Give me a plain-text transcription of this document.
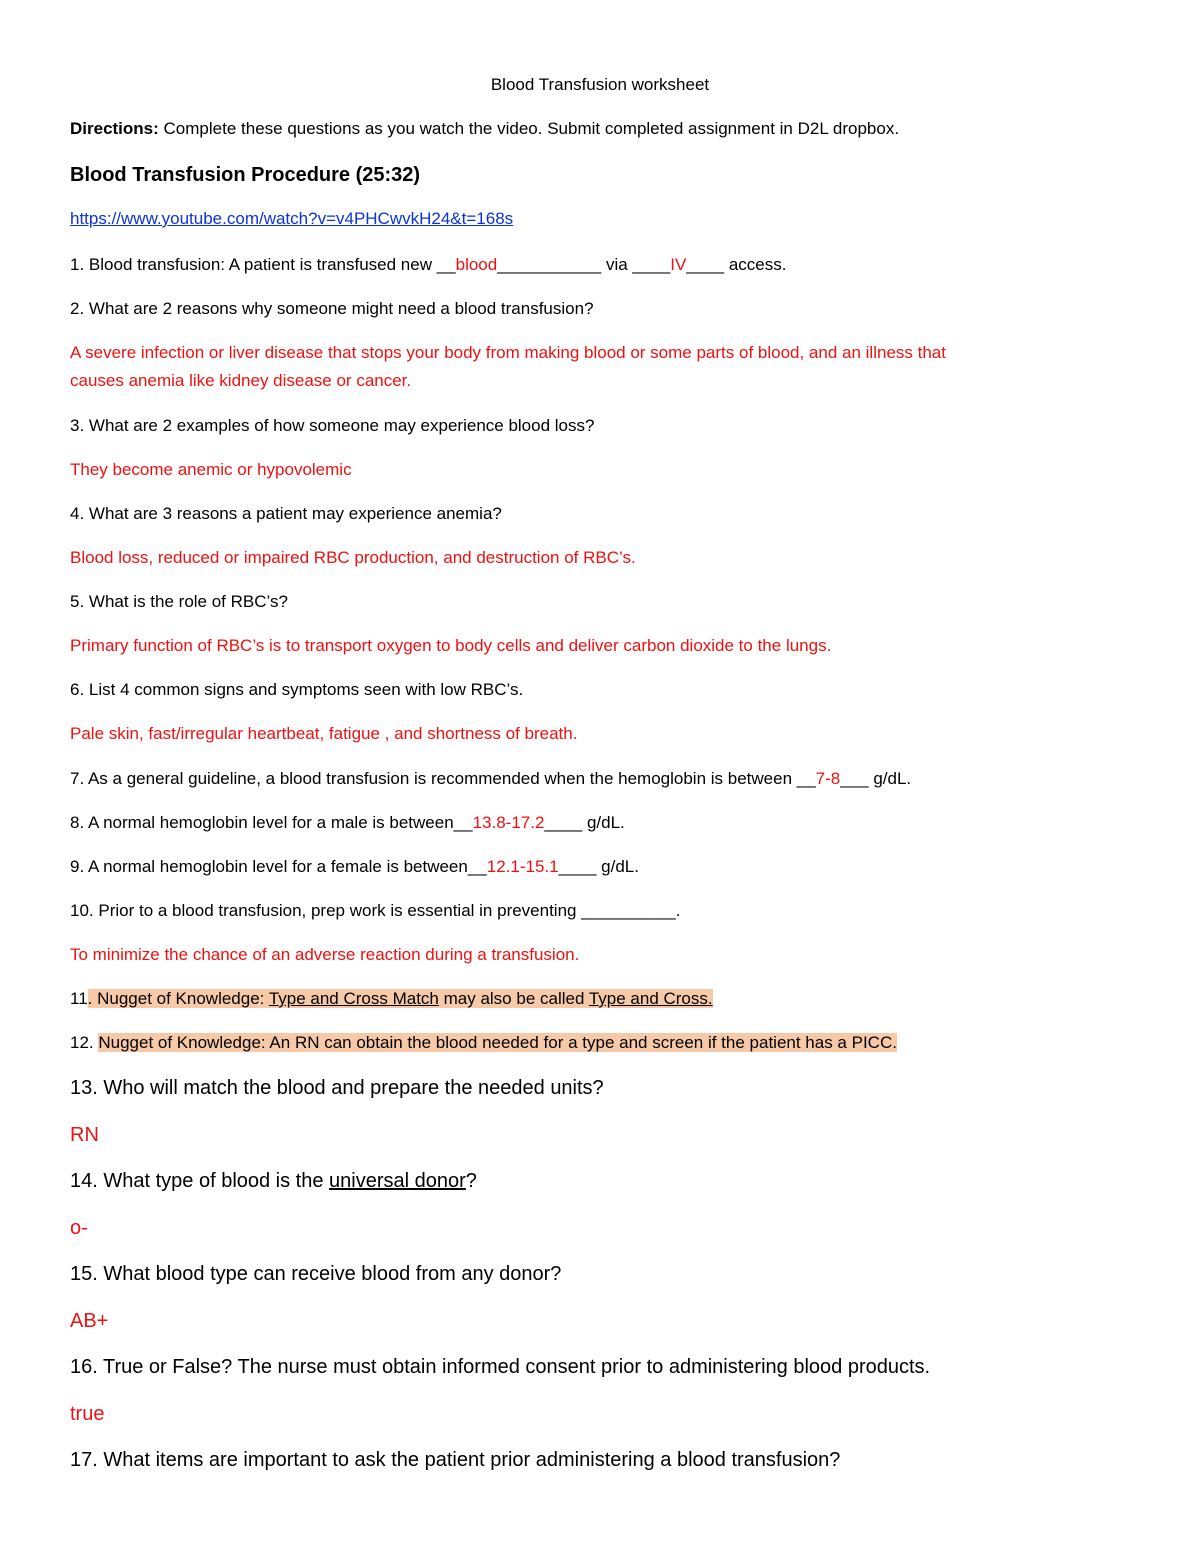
Blood Transfusion worksheet
Directions: Complete these questions as you watch the video. Submit completed assignment in D2L dropbox.
Blood Transfusion Procedure (25:32)
https://www.youtube.com/watch?v=v4PHCwvkH24&t=168s
1. Blood transfusion: A patient is transfused new __blood___________ via ____IV____ access.
2. What are 2 reasons why someone might need a blood transfusion?
A severe infection or liver disease that stops your body from making blood or some parts of blood, and an illness that
causes anemia like kidney disease or cancer.
3. What are 2 examples of how someone may experience blood loss?
They become anemic or hypovolemic
4. What are 3 reasons a patient may experience anemia?
Blood loss, reduced or impaired RBC production, and destruction of RBC’s.
5. What is the role of RBC’s?
Primary function of RBC’s is to transport oxygen to body cells and deliver carbon dioxide to the lungs.
6. List 4 common signs and symptoms seen with low RBC’s.
Pale skin, fast/irregular heartbeat, fatigue , and shortness of breath.
7. As a general guideline, a blood transfusion is recommended when the hemoglobin is between __7-8___ g/dL.
8. A normal hemoglobin level for a male is between__13.8-17.2____ g/dL.
9. A normal hemoglobin level for a female is between__12.1-15.1____ g/dL.
10. Prior to a blood transfusion, prep work is essential in preventing __________.
To minimize the chance of an adverse reaction during a transfusion.
11. Nugget of Knowledge: Type and Cross Match may also be called Type and Cross.
12. Nugget of Knowledge: An RN can obtain the blood needed for a type and screen if the patient has a PICC.
13. Who will match the blood and prepare the needed units?
RN
14. What type of blood is the universal donor?
o-
15. What blood type can receive blood from any donor?
AB+
16. True or False? The nurse must obtain informed consent prior to administering blood products.
true
17. What items are important to ask the patient prior administering a blood transfusion?
